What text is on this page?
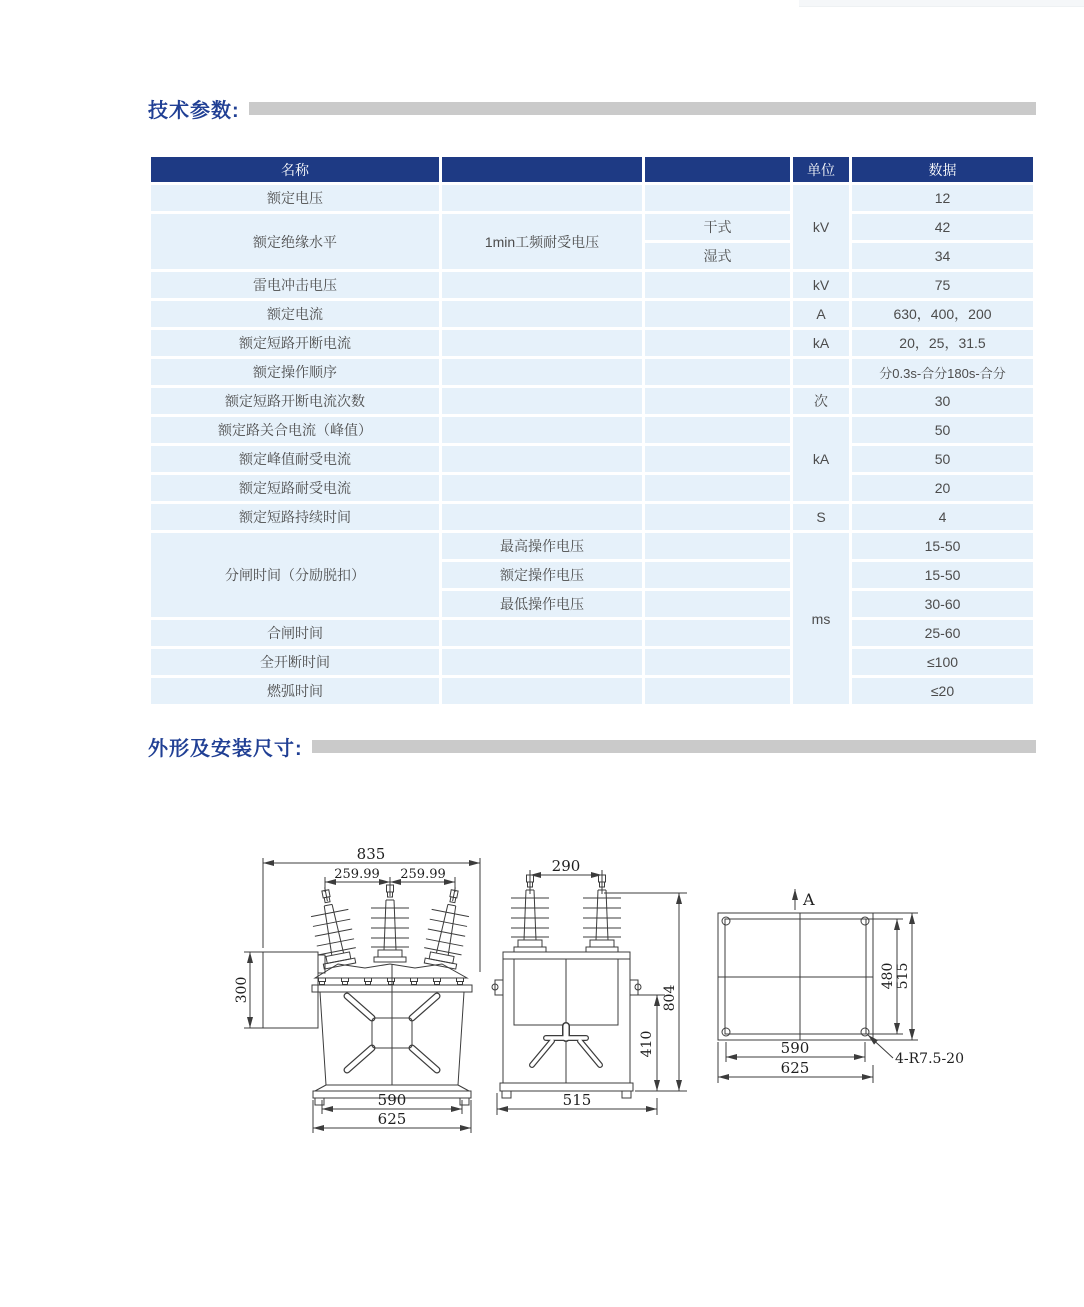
技术参数:
名称			单位	数据
额定电压			kV	12
额定绝缘水平	1min工频耐受电压	干式		42
		湿式		34
雷电冲击电压			kV	75
额定电流			A	630，400，200
额定短路开断电流			kA	20，25，31.5
额定操作顺序				分0.3s-合分180s-合分
额定短路开断电流次数			次	30
额定路关合电流（峰值）			kA	50
额定峰值耐受电流				50
额定短路耐受电流				20
额定短路持续时间			S	4
分闸时间（分励脱扣）	最高操作电压		ms	15-50
	额定操作电压			15-50
	最低操作电压			30-60
合闸时间				25-60
全开断时间				≤100
燃弧时间				≤20
外形及安装尺寸:
835
259.99 259.99
300
590
625
290
804
410
515
A
480 515
590
625	4-R7.5-20
